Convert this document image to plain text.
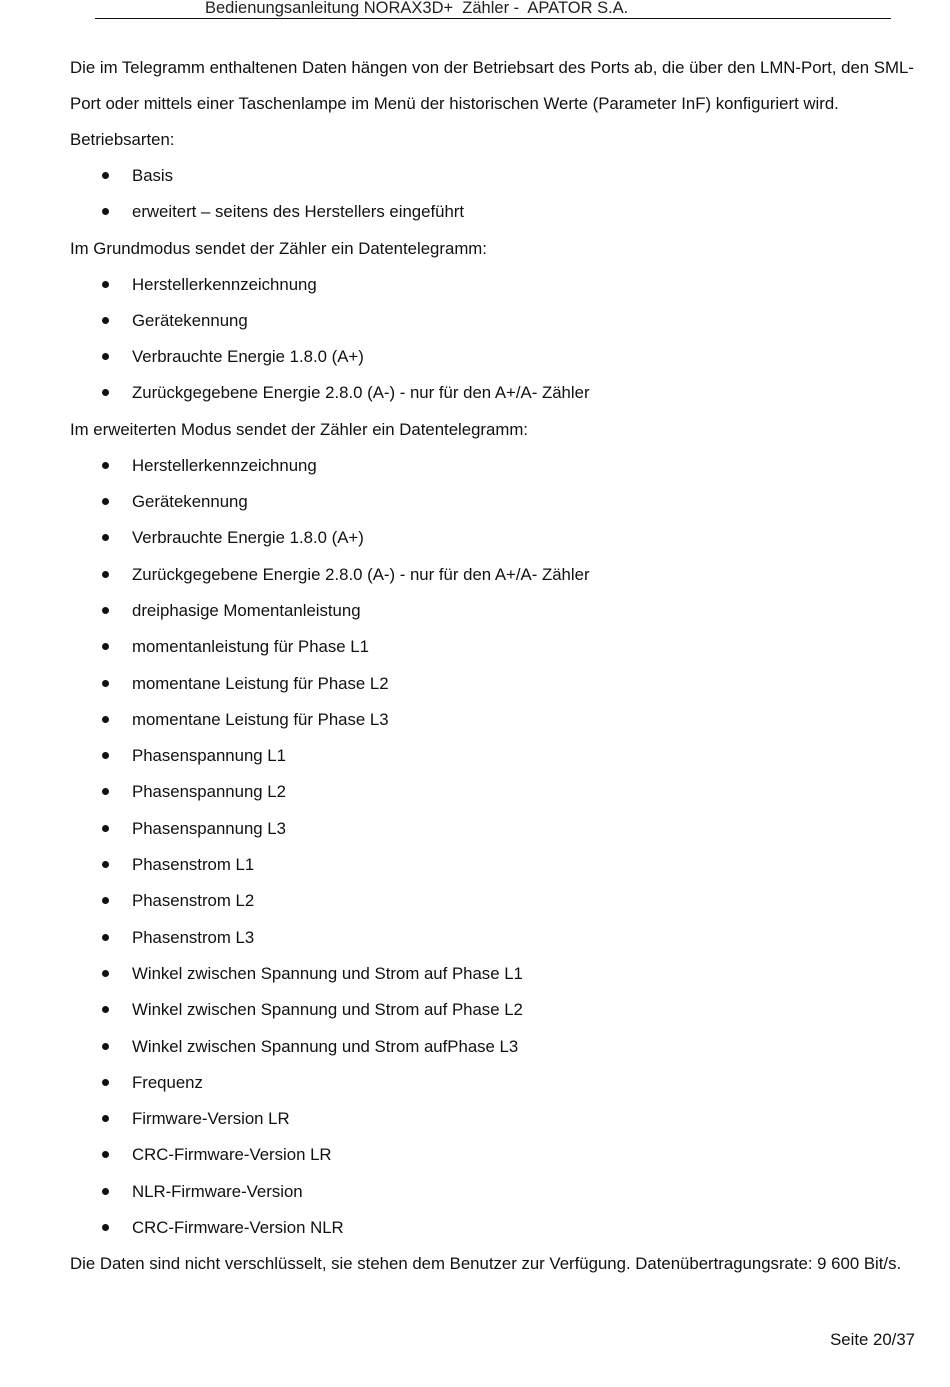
Bedienungsanleitung NORAX3D+  Zähler -  APATOR S.A.

Die im Telegramm enthaltenen Daten hängen von der Betriebsart des Ports ab, die über den LMN-Port, den SML-Port oder mittels einer Taschenlampe im Menü der historischen Werte (Parameter InF) konfiguriert wird. Betriebsarten:

Basis
erweitert – seitens des Herstellers eingeführt

Im Grundmodus sendet der Zähler ein Datentelegramm:

Herstellerkennzeichnung
Gerätekennung
Verbrauchte Energie 1.8.0 (A+)
Zurückgegebene Energie 2.8.0 (A-) - nur für den A+/A- Zähler

Im erweiterten Modus sendet der Zähler ein Datentelegramm:

Herstellerkennzeichnung
Gerätekennung
Verbrauchte Energie 1.8.0 (A+)
Zurückgegebene Energie 2.8.0 (A-) - nur für den A+/A- Zähler
dreiphasige Momentanleistung
momentanleistung für Phase L1
momentane Leistung für Phase L2
momentane Leistung für Phase L3
Phasenspannung L1
Phasenspannung L2
Phasenspannung L3
Phasenstrom L1
Phasenstrom L2
Phasenstrom L3
Winkel zwischen Spannung und Strom auf Phase L1
Winkel zwischen Spannung und Strom auf Phase L2
Winkel zwischen Spannung und Strom aufPhase L3
Frequenz
Firmware-Version LR
CRC-Firmware-Version LR
NLR-Firmware-Version
CRC-Firmware-Version NLR

Die Daten sind nicht verschlüsselt, sie stehen dem Benutzer zur Verfügung. Datenübertragungsrate: 9 600 Bit/s.

Seite 20/37
